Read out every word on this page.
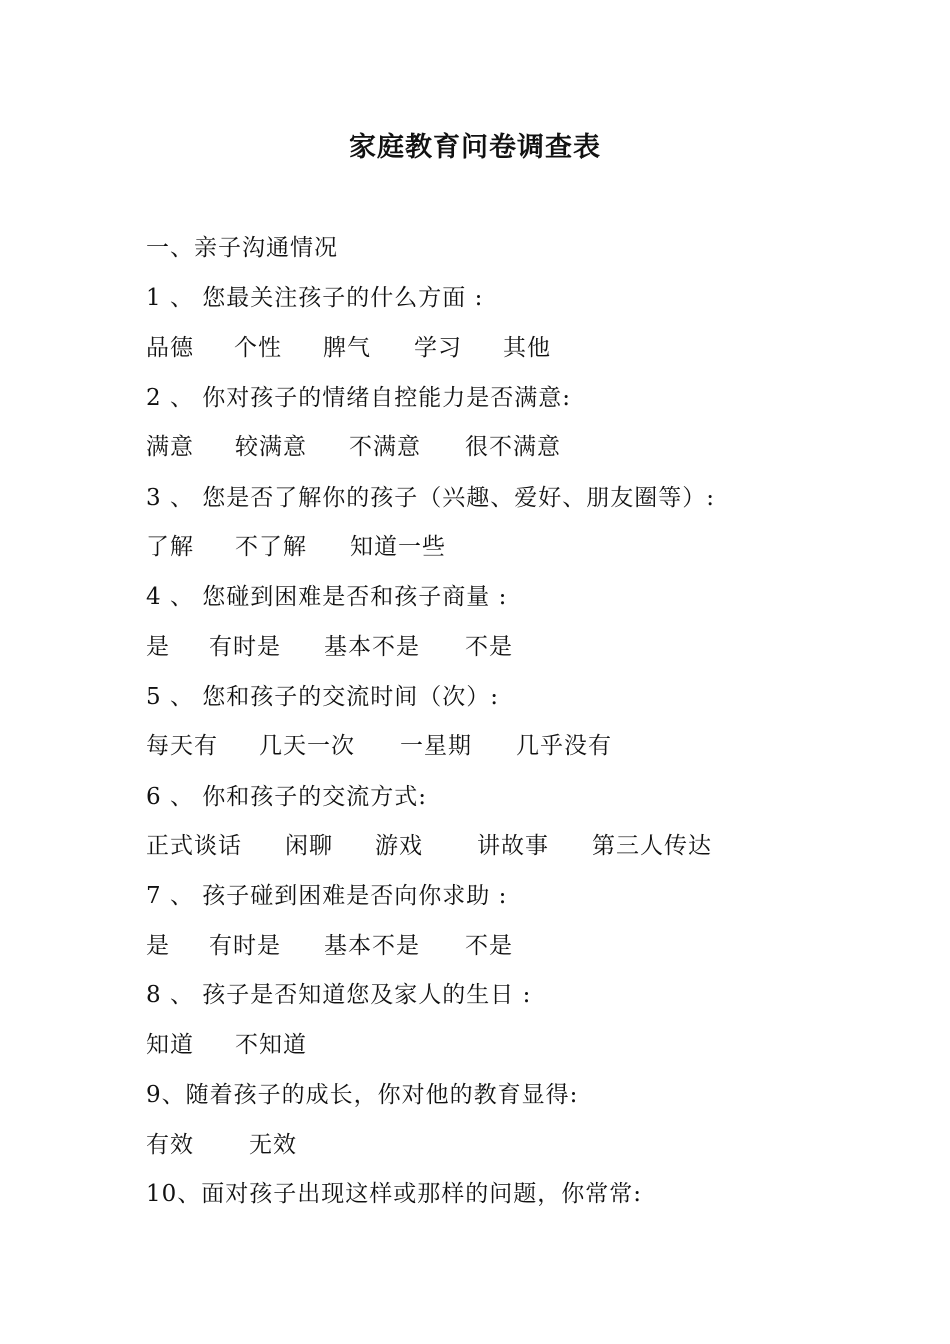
家庭教育问卷调查表
一、亲子沟通情况
1 、 您最关注孩子的什么方面 :
品德 个性 脾气 学习 其他
2 、 你对孩子的情绪自控能力是否满意:
满意 较满意 不满意 很不满意
3 、 您是否了解你的孩子（兴趣、爱好、朋友圈等）:
了解 不了解 知道一些
4 、 您碰到困难是否和孩子商量 :
是 有时是 基本不是 不是
5 、 您和孩子的交流时间（次）:
每天有 几天一次 一星期 几乎没有
6 、 你和孩子的交流方式:
正式谈话 闲聊 游戏 讲故事 第三人传达
7 、 孩子碰到困难是否向你求助 :
是 有时是 基本不是 不是
8 、 孩子是否知道您及家人的生日 :
知道 不知道
9、随着孩子的成长，你对他的教育显得:
有效 无效
10、面对孩子出现这样或那样的问题，你常常:
